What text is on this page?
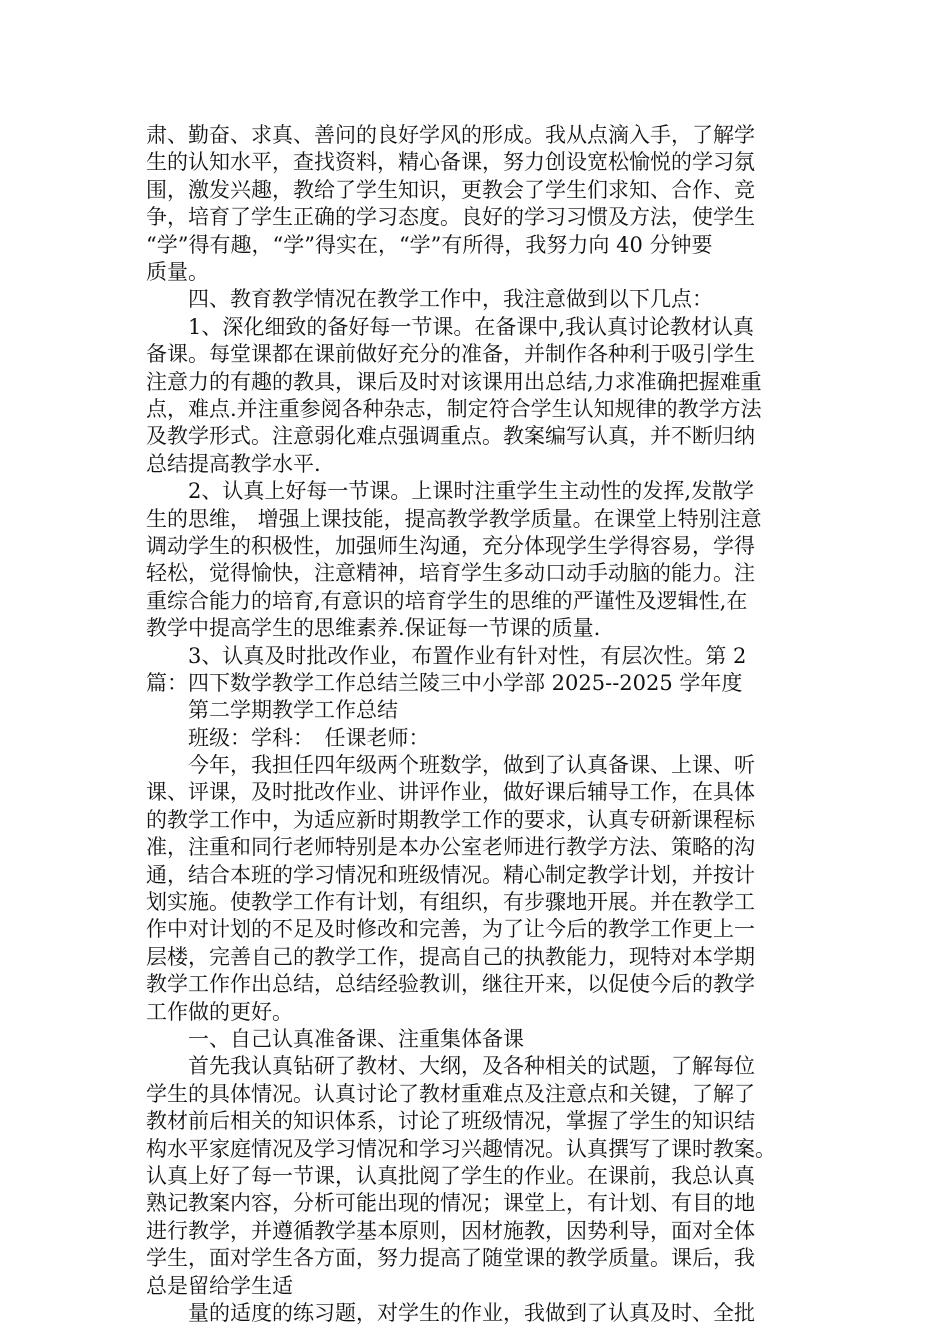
肃、勤奋、求真、善问的良好学风的形成。我从点滴入手，了解学
生的认知水平，查找资料，精心备课，努力创设宽松愉悦的学习氛
围，激发兴趣，教给了学生知识，更教会了学生们求知、合作、竞
争，培育了学生正确的学习态度。良好的学习习惯及方法，使学生
“学”得有趣，“学”得实在，“学”有所得，我努力向 40 分钟要
质量。
　　四、教育教学情况在教学工作中，我注意做到以下几点：
　　1、深化细致的备好每一节课。在备课中,我认真讨论教材认真
备课。每堂课都在课前做好充分的准备，并制作各种利于吸引学生
注意力的有趣的教具，课后及时对该课用出总结,力求准确把握难重
点，难点.并注重参阅各种杂志，制定符合学生认知规律的教学方法
及教学形式。注意弱化难点强调重点。教案编写认真，并不断归纳
总结提高教学水平.
　　2、认真上好每一节课。上课时注重学生主动性的发挥,发散学
生的思维， 增强上课技能，提高教学教学质量。在课堂上特别注意
调动学生的积极性，加强师生沟通，充分体现学生学得容易，学得
轻松，觉得愉快，注意精神，培育学生多动口动手动脑的能力。注
重综合能力的培育,有意识的培育学生的思维的严谨性及逻辑性,在
教学中提高学生的思维素养.保证每一节课的质量.
　　3、认真及时批改作业，布置作业有针对性，有层次性。第 2
篇：四下数学教学工作总结兰陵三中小学部 2025--2025 学年度
　　第二学期教学工作总结
　　班级：学科：　任课老师：
　　今年，我担任四年级两个班数学，做到了认真备课、上课、听
课、评课，及时批改作业、讲评作业，做好课后辅导工作，在具体
的教学工作中，为适应新时期教学工作的要求，认真专研新课程标
准，注重和同行老师特别是本办公室老师进行教学方法、策略的沟
通，结合本班的学习情况和班级情况。精心制定教学计划，并按计
划实施。使教学工作有计划，有组织，有步骤地开展。并在教学工
作中对计划的不足及时修改和完善，为了让今后的教学工作更上一
层楼，完善自己的教学工作，提高自己的执教能力，现特对本学期
教学工作作出总结，总结经验教训，继往开来，以促使今后的教学
工作做的更好。
　　一、自己认真准备课、注重集体备课
　　首先我认真钻研了教材、大纲，及各种相关的试题，了解每位
学生的具体情况。认真讨论了教材重难点及注意点和关键，了解了
教材前后相关的知识体系，讨论了班级情况，掌握了学生的知识结
构水平家庭情况及学习情况和学习兴趣情况。认真撰写了课时教案。
认真上好了每一节课，认真批阅了学生的作业。在课前，我总认真
熟记教案内容，分析可能出现的情况；课堂上，有计划、有目的地
进行教学，并遵循教学基本原则，因材施教，因势利导，面对全体
学生，面对学生各方面，努力提高了随堂课的教学质量。课后，我
总是留给学生适
　　量的适度的练习题，对学生的作业，我做到了认真及时、全批
